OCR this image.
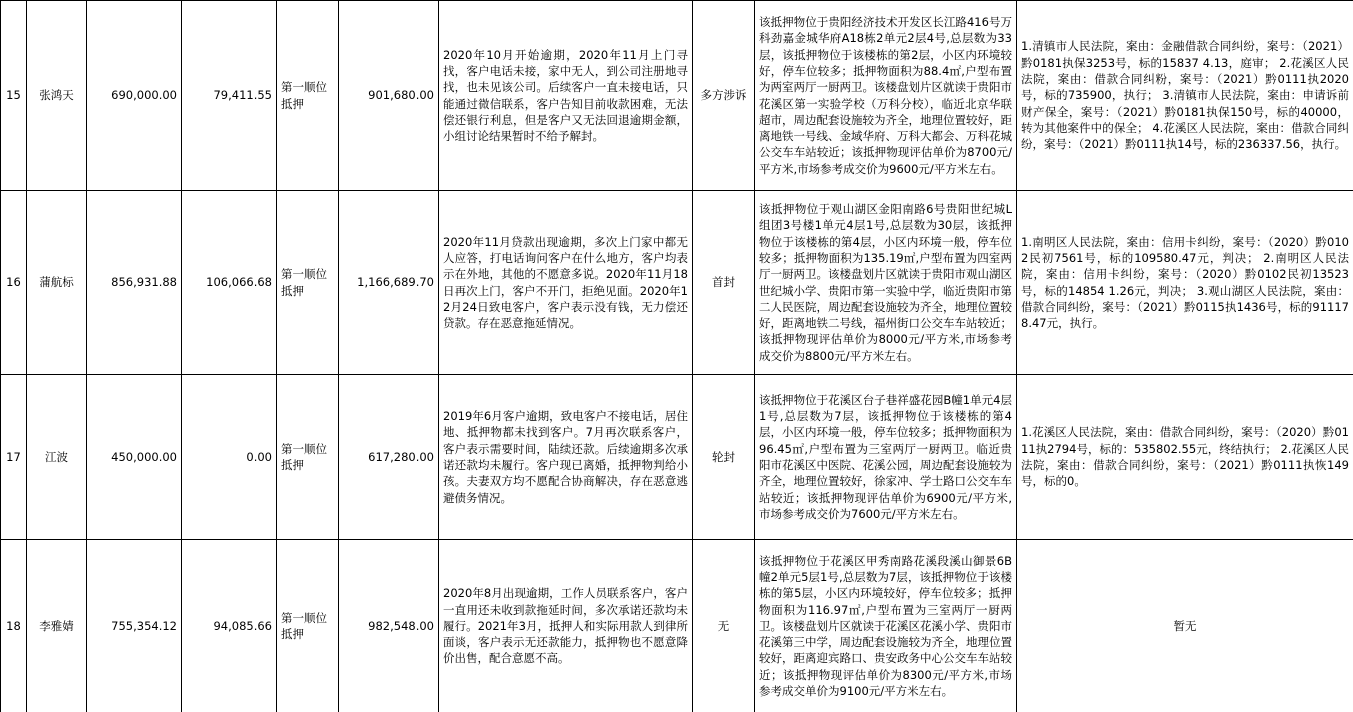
15	张鸿天	690,000.00	79,411.55	第一顺位抵押	901,680.00	2020年10月开始逾期，2020年11月上门寻找，客户电话未接，家中无人，到公司注册地寻找，也未见该公司。后续客户一直未接电话，只能通过微信联系，客户告知目前收款困难，无法偿还银行利息，但是客户又无法回退逾期金额，小组讨论结果暂时不给予解封。	多方涉诉	该抵押物位于贵阳经济技术开发区长江路416号万科劲嘉金城华府A18栋2单元2层4号,总层数为33层，该抵押物位于该楼栋的第2层，小区内环境较好，停车位较多；抵押物面积为88.4㎡,户型布置为两室两厅一厨两卫。该楼盘划片区就读于贵阳市花溪区第一实验学校（万科分校），临近北京华联超市，周边配套设施较为齐全，地理位置较好，距离地铁一号线、金域华府、万科大都会、万科花城公交车车站较近；该抵押物现评估单价为8700元/平方米,市场参考成交价为9600元/平方米左右。	1.清镇市人民法院，案由：金融借款合同纠纷，案号：（2021）黔0181执保3253号，标的15837 4.13，庭审； 2.花溪区人民法院，案由：借款合同纠粉，案号：（2021）黔0111执2020号，标的735900，执行； 3.清镇市人民法院，案由：申请诉前财产保全，案号：（2021）黔0181执保150号，标的40000，转为其他案件中的保全； 4.花溪区人民法院，案由：借款合同纠纷，案号：（2021）黔0111执14号，标的236337.56，执行。
16	蒲航标	856,931.88	106,066.68	第一顺位抵押	1,166,689.70	2020年11月贷款出现逾期，多次上门家中都无人应答，打电话询问客户在什么地方，客户均表示在外地，其他的不愿意多说。2020年11月18日再次上门，客户不开门，拒绝见面。2020年12月24日致电客户，客户表示没有钱，无力偿还贷款。存在恶意拖延情况。	首封	该抵押物位于观山湖区金阳南路6号贵阳世纪城L组团3号楼1单元4层1号,总层数为30层，该抵押物位于该楼栋的第4层，小区内环境一般，停车位较多；抵押物面积为135.19㎡,户型布置为四室两厅一厨两卫。该楼盘划片区就读于贵阳市观山湖区世纪城小学、贵阳市第一实验中学，临近贵阳市第二人民医院，周边配套设施较为齐全，地理位置较好，距离地铁二号线，福州街口公交车车站较近；该抵押物现评估单价为8000元/平方米,市场参考成交价为8800元/平方米左右。	1.南明区人民法院，案由：信用卡纠纷，案号：（2020）黔0102民初7561号，标的109580.47元，判决； 2.南明区人民法院，案由：信用卡纠纷，案号：（2020）黔0102民初13523号，标的14854 1.26元，判决； 3.观山湖区人民法院，案由：借款合同纠纷，案号：（2021）黔0115执1436号，标的911178.47元，执行。
17	江波	450,000.00	0.00	第一顺位抵押	617,280.00	2019年6月客户逾期，致电客户不接电话，居住地、抵押物都未找到客户。7月再次联系客户，客户表示需要时间，陆续还款。后续逾期多次承诺还款均未履行。客户现已离婚，抵押物判给小孩。夫妻双方均不愿配合协商解决，存在恶意逃避债务情况。	轮封	该抵押物位于花溪区台子巷祥盛花园B幢1单元4层1号,总层数为7层，该抵押物位于该楼栋的第4层，小区内环境一般，停车位较多；抵押物面积为96.45㎡,户型布置为三室两厅一厨两卫。临近贵阳市花溪区中医院、花溪公园，周边配套设施较为齐全，地理位置较好，徐家冲、学士路口公交车车站较近；该抵押物现评估单价为6900元/平方米,市场参考成交价为7600元/平方米左右。	1.花溪区人民法院，案由：借款合同纠纷，案号：（2020）黔0111执2794号，标的：535802.55元，终结执行； 2.花溪区人民法院，案由：借款合同纠纷，案号：（2021）黔0111执恢149号，标的0。
18	李雅婧	755,354.12	94,085.66	第一顺位抵押	982,548.00	2020年8月出现逾期，工作人员联系客户，客户一直用还未收到款拖延时间，多次承诺还款均未履行。2021年3月，抵押人和实际用款人到律所面谈，客户表示无还款能力，抵押物也不愿意降价出售，配合意愿不高。	无	该抵押物位于花溪区甲秀南路花溪段溪山御景6B幢2单元5层1号,总层数为7层，该抵押物位于该楼栋的第5层，小区内环境较好，停车位较多；抵押物面积为116.97㎡,户型布置为三室两厅一厨两卫。该楼盘划片区就读于花溪区花溪小学、贵阳市花溪第三中学，周边配套设施较为齐全，地理位置较好，距离迎宾路口、贵安政务中心公交车车站较近；该抵押物现评估单价为8300元/平方米,市场参考成交单价为9100元/平方米左右。	暂无
